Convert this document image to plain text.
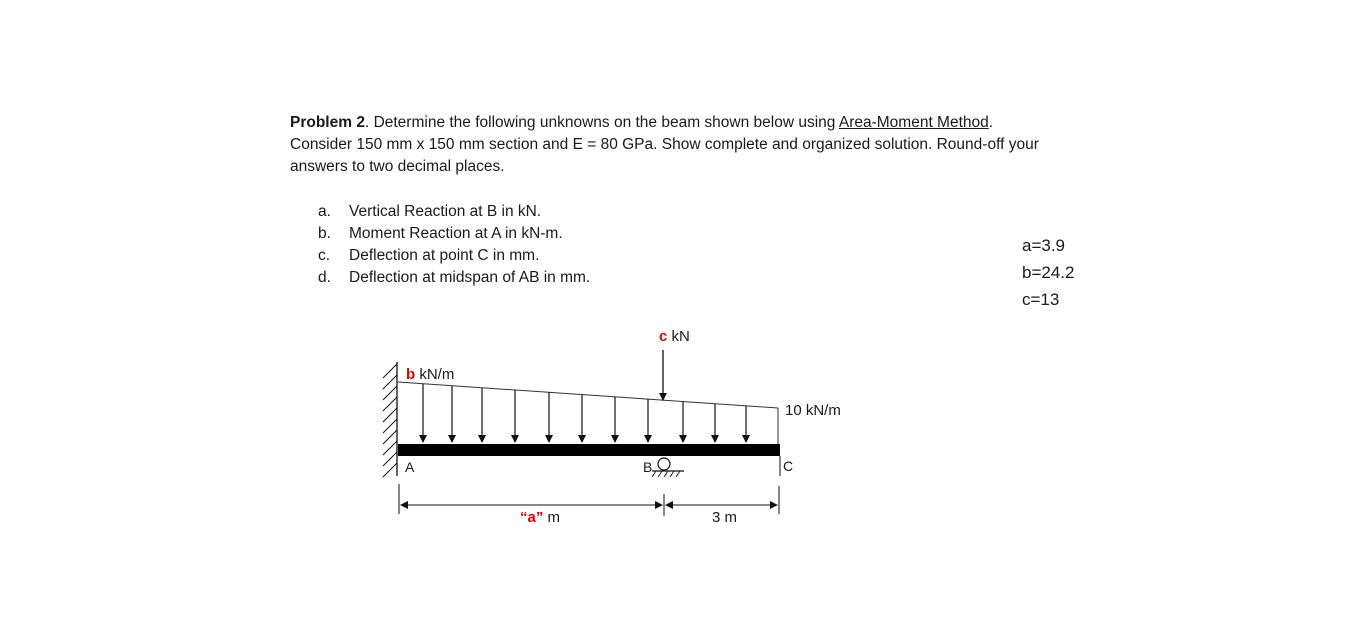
Problem 2. Determine the following unknowns on the beam shown below using Area-Moment Method.

Consider 150 mm x 150 mm section and E = 80 GPa. Show complete and organized solution. Round-off your answers to two decimal places.

a. Vertical Reaction at B in kN.
b. Moment Reaction at A in kN-m.
c. Deflection at point C in mm.
d. Deflection at midspan of AB in mm.
a=3.9
b=24.2
c=13
b kN/m
c kN
10 kN/m
A	B	C
“a” m	3 m
